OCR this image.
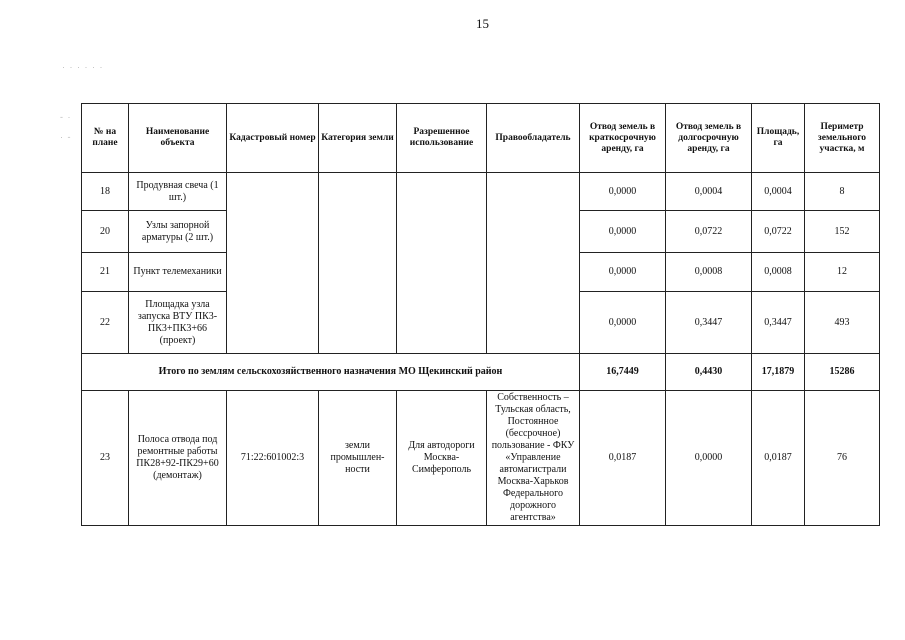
15
· · · · · ·
- ·
· - № на плане	Наименование объекта	Кадастровый номер	Категория земли	Разрешенное использование	Правообладатель	Отвод земель в краткосрочную аренду, га	Отвод земель в долгосрочную аренду, га	Площадь, га	Периметр земельного участка, м
18	Продувная свеча (1 шт.)					0,0000	0,0004	0,0004	8
20	Узлы запорной арматуры (2 шт.)					0,0000	0,0722	0,0722	152
21	Пункт телемеханики					0,0000	0,0008	0,0008	12
22	Площадка узла запуска ВТУ ПК3-ПК3+ПК3+66 (проект)					0,0000	0,3447	0,3447	493
Итого по землям сельскохозяйственного назначения МО Щекинский район						16,7449	0,4430	17,1879	15286
23	Полоса отвода под ремонтные работы ПК28+92-ПК29+60 (демонтаж)	71:22:601002:3	земли промышлен-ности	Для автодороги Москва-Симферополь	Собственность – Тульская область, Постоянное (бессрочное) пользование - ФКУ «Управление автомагистрали Москва-Харьков Федерального дорожного агентства»	0,0187	0,0000	0,0187	76
